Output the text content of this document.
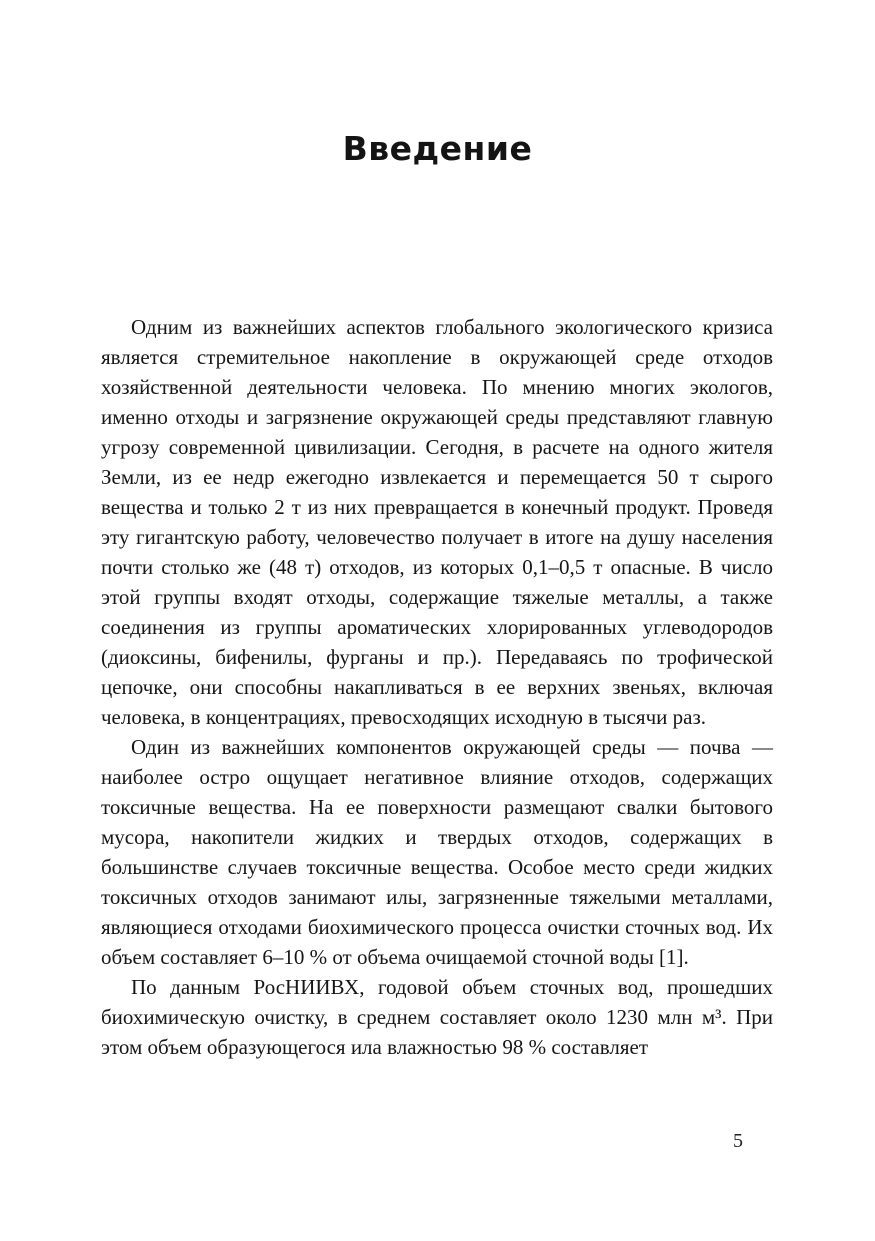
Введение

Одним из важнейших аспектов глобального экологического кризиса является стремительное накопление в окружающей среде отходов хозяйственной деятельности человека. По мнению многих экологов, именно отходы и загрязнение окружающей среды представляют главную угрозу современной цивилизации. Сегодня, в расчете на одного жителя Земли, из ее недр ежегодно извлекается и перемещается 50 т сырого вещества и только 2 т из них превращается в конечный продукт. Проведя эту гигантскую работу, человечество получает в итоге на душу населения почти столько же (48 т) отходов, из которых 0,1–0,5 т опасные. В число этой группы входят отходы, содержащие тяжелые металлы, а также соединения из группы ароматических хлорированных углеводородов (диоксины, бифенилы, фурганы и пр.). Передаваясь по трофической цепочке, они способны накапливаться в ее верхних звеньях, включая человека, в концентрациях, превосходящих исходную в тысячи раз.

Один из важнейших компонентов окружающей среды — почва — наиболее остро ощущает негативное влияние отходов, содержащих токсичные вещества. На ее поверхности размещают свалки бытового мусора, накопители жидких и твердых отходов, содержащих в большинстве случаев токсичные вещества. Особое место среди жидких токсичных отходов занимают илы, загрязненные тяжелыми металлами, являющиеся отходами биохимического процесса очистки сточных вод. Их объем составляет 6–10 % от объема очищаемой сточной воды [1].

По данным РосНИИВХ, годовой объем сточных вод, прошедших биохимическую очистку, в среднем составляет около 1230 млн м³. При этом объем образующегося ила влажностью 98 % составляет

5
